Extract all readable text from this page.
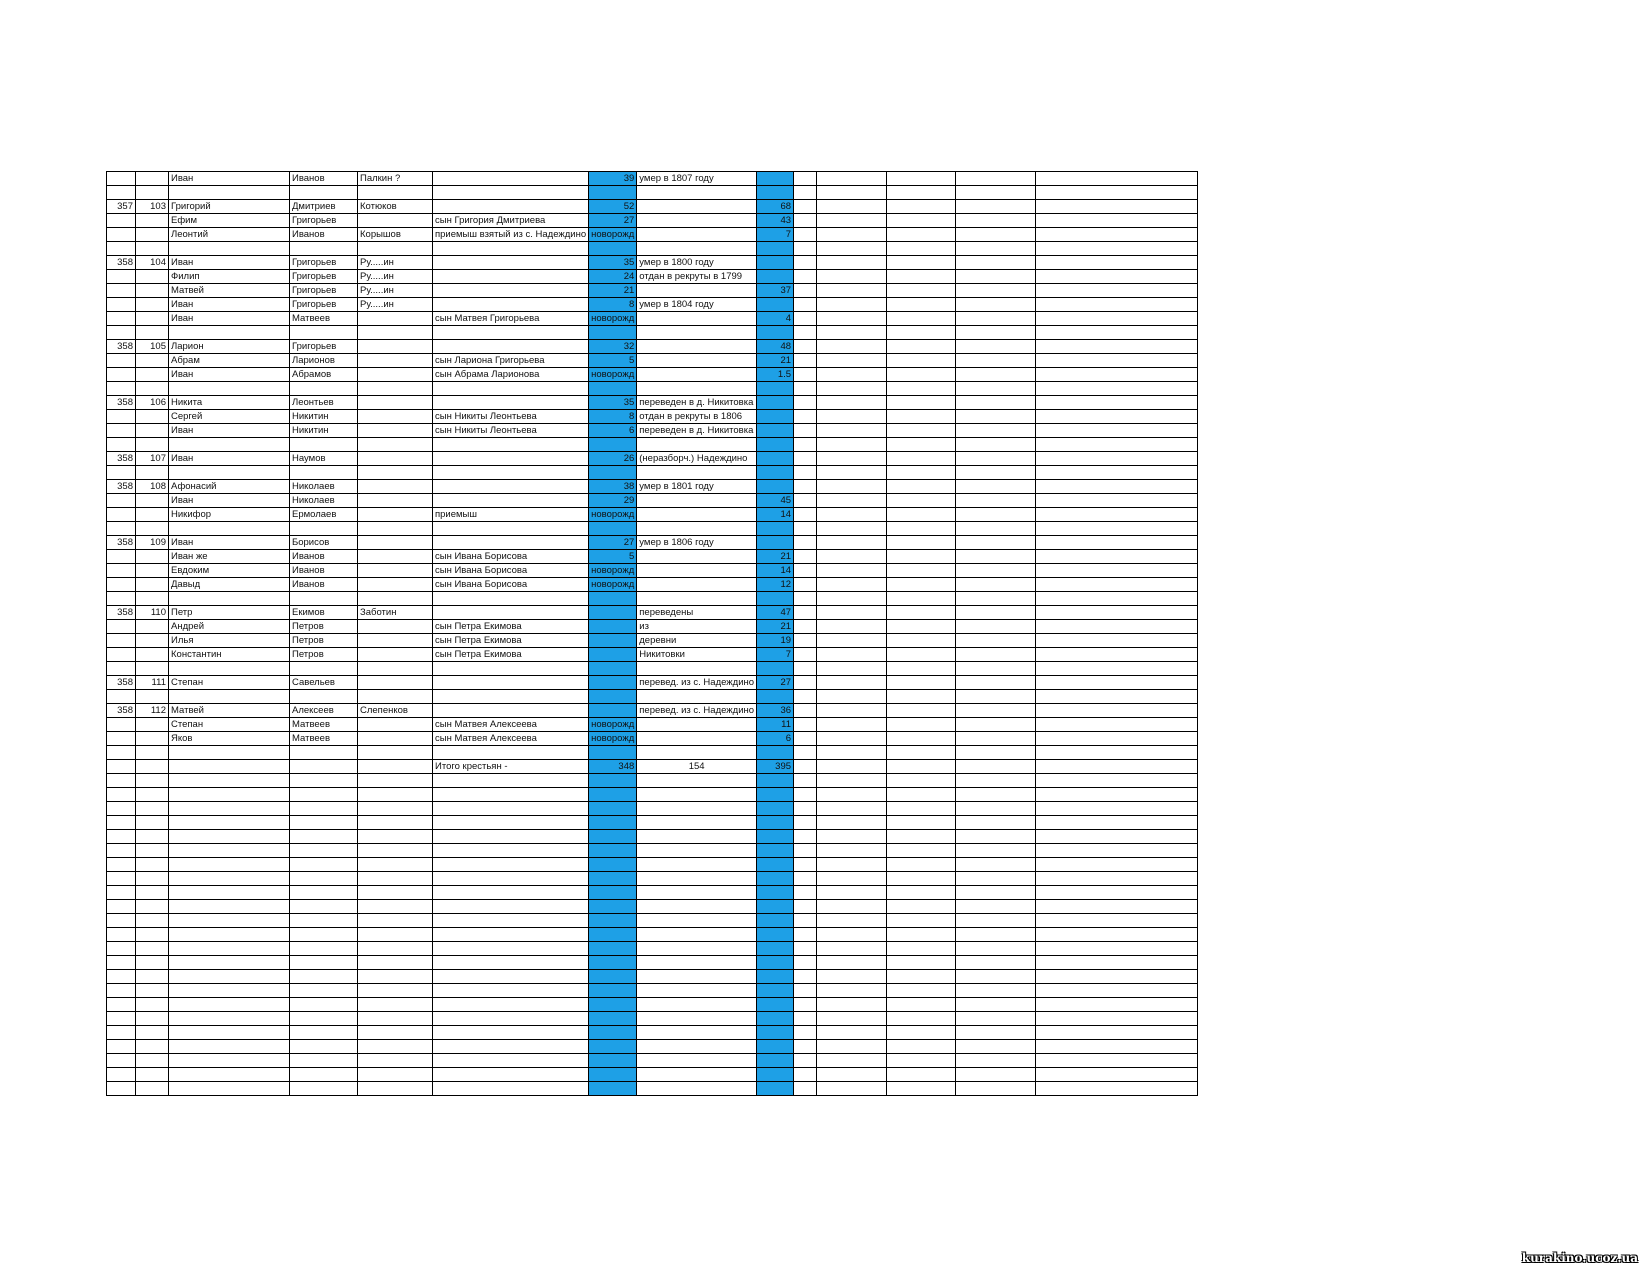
		Иван	Иванов	Палкин ?		39	умер в 1807 году						

357	103	Григорий	Дмитриев	Котюков		52		68					
		Ефим	Григорьев		сын Григория Дмитриева	27		43					
		Леонтий	Иванов	Корышов	приемыш взятый из с. Надеждино	новорожд		7					

358	104	Иван	Григорьев	Ру.....ин		35	умер в 1800 году						
		Филип	Григорьев	Ру.....ин		24	отдан в рекруты в 1799						
		Матвей	Григорьев	Ру.....ин		21		37					
		Иван	Григорьев	Ру.....ин		8	умер в 1804 году						
		Иван	Матвеев		сын Матвея Григорьева	новорожд		4					

358	105	Ларион	Григорьев			32		48					
		Абрам	Ларионов		сын Лариона Григорьева	5		21					
		Иван	Абрамов		сын Абрама Ларионова	новорожд		1.5					

358	106	Никита	Леонтьев			35	переведен в д. Никитовка						
		Сергей	Никитин		сын Никиты Леонтьева	8	отдан в рекруты в 1806						
		Иван	Никитин		сын Никиты Леонтьева	6	переведен в д. Никитовка						

358	107	Иван	Наумов			26	(неразборч.) Надеждино						

358	108	Афонасий	Николаев			38	умер в 1801 году						
		Иван	Николаев			29		45					
		Никифор	Ермолаев		приемыш	новорожд		14					

358	109	Иван	Борисов			27	умер в 1806 году						
		Иван же	Иванов		сын Ивана Борисова	5		21					
		Евдоким	Иванов		сын Ивана Борисова	новорожд		14					
		Давыд	Иванов		сын Ивана Борисова	новорожд		12					

358	110	Петр	Екимов	Заботин			переведены	47					
		Андрей	Петров		сын Петра Екимова		из	21					
		Илья	Петров		сын Петра Екимова		деревни	19					
		Константин	Петров		сын Петра Екимова		Никитовки	7					

358	111	Степан	Савельев				перевед. из с. Надеждино	27					

358	112	Матвей	Алексеев	Слепенков			перевед. из с. Надеждино	36					
		Степан	Матвеев		сын Матвея Алексеева	новорожд		11					
		Яков	Матвеев		сын Матвея Алексеева	новорожд		6					

					Итого крестьян -	348	154	395					

kurakino.ucoz.ua
